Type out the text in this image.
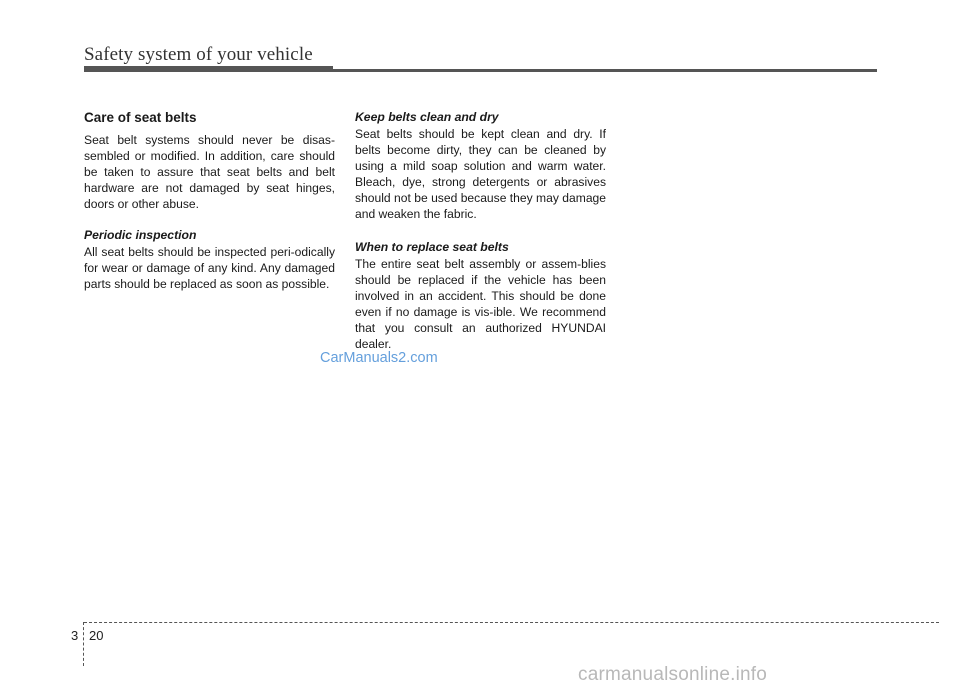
Safety system of your vehicle
Care of seat belts

Seat belt systems should never be disas-sembled or modified. In addition, care should be taken to assure that seat belts and belt hardware are not damaged by seat hinges, doors or other abuse.

Periodic inspection

All seat belts should be inspected peri-odically for wear or damage of any kind. Any damaged parts should be replaced as soon as possible.

Keep belts clean and dry

Seat belts should be kept clean and dry. If belts become dirty, they can be cleaned by using a mild soap solution and warm water. Bleach, dye, strong detergents or abrasives should not be used because they may damage and weaken the fabric.

When to replace seat belts

The entire seat belt assembly or assem-blies should be replaced if the vehicle has been involved in an accident. This should be done even if no damage is vis-ible. We recommend that you consult an authorized HYUNDAI dealer.

CarManuals2.com
3 20
carmanualsonline.info
